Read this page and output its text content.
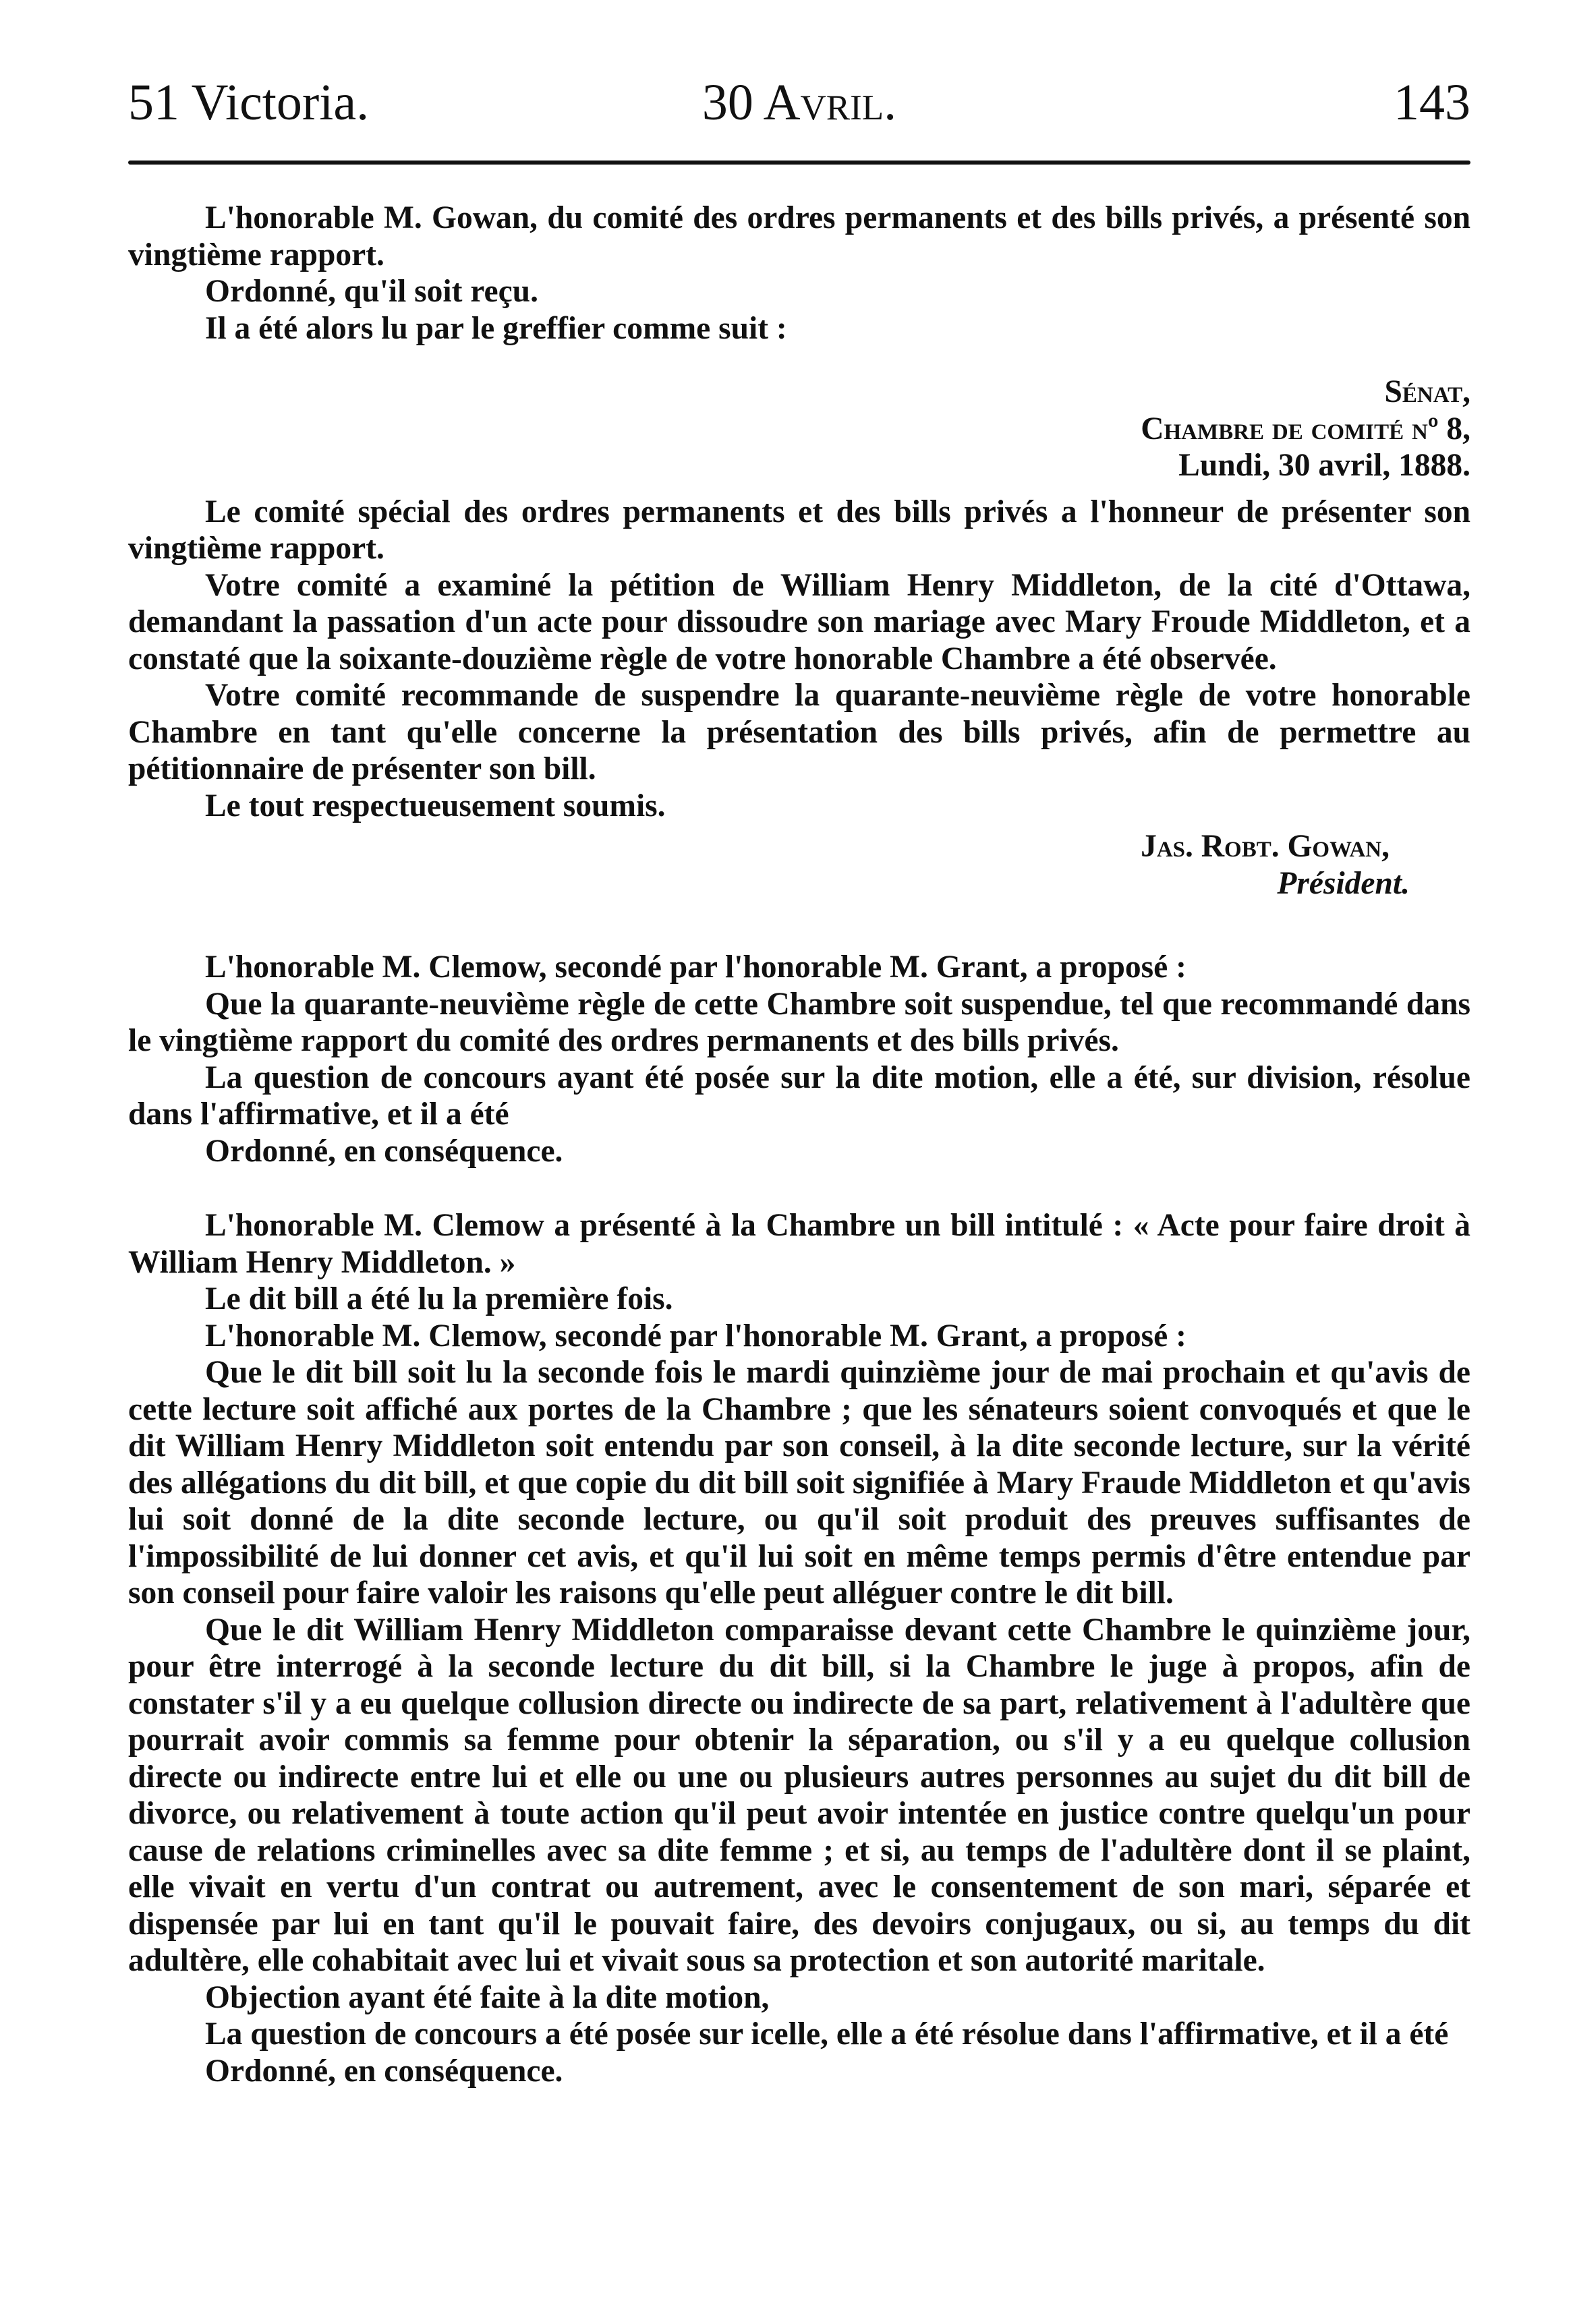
51 Victoria.	30 Avril.	143

L'honorable M. Gowan, du comité des ordres permanents et des bills privés, a présenté son vingtième rapport.

Ordonné, qu'il soit reçu.

Il a été alors lu par le greffier comme suit :

Sénat,

Chambre de comité nº 8,

Lundi, 30 avril, 1888.

Le comité spécial des ordres permanents et des bills privés a l'honneur de présenter son vingtième rapport.

Votre comité a examiné la pétition de William Henry Middleton, de la cité d'Ottawa, demandant la passation d'un acte pour dissoudre son mariage avec Mary Froude Middleton, et a constaté que la soixante-douzième règle de votre honorable Chambre a été observée.

Votre comité recommande de suspendre la quarante-neuvième règle de votre honorable Chambre en tant qu'elle concerne la présentation des bills privés, afin de permettre au pétitionnaire de présenter son bill.

Le tout respectueusement soumis.

Jas. Robt. Gowan,

Président.

L'honorable M. Clemow, secondé par l'honorable M. Grant, a proposé :

Que la quarante-neuvième règle de cette Chambre soit suspendue, tel que recommandé dans le vingtième rapport du comité des ordres permanents et des bills privés.

La question de concours ayant été posée sur la dite motion, elle a été, sur division, résolue dans l'affirmative, et il a été

Ordonné, en conséquence.

L'honorable M. Clemow a présenté à la Chambre un bill intitulé : « Acte pour faire droit à William Henry Middleton. »

Le dit bill a été lu la première fois.

L'honorable M. Clemow, secondé par l'honorable M. Grant, a proposé :

Que le dit bill soit lu la seconde fois le mardi quinzième jour de mai prochain et qu'avis de cette lecture soit affiché aux portes de la Chambre ; que les sénateurs soient convoqués et que le dit William Henry Middleton soit entendu par son conseil, à la dite seconde lecture, sur la vérité des allégations du dit bill, et que copie du dit bill soit signifiée à Mary Fraude Middleton et qu'avis lui soit donné de la dite seconde lecture, ou qu'il soit produit des preuves suffisantes de l'impossibilité de lui donner cet avis, et qu'il lui soit en même temps permis d'être entendue par son conseil pour faire valoir les raisons qu'elle peut alléguer contre le dit bill.

Que le dit William Henry Middleton comparaisse devant cette Chambre le quinzième jour, pour être interrogé à la seconde lecture du dit bill, si la Chambre le juge à propos, afin de constater s'il y a eu quelque collusion directe ou indirecte de sa part, relativement à l'adultère que pourrait avoir commis sa femme pour obtenir la séparation, ou s'il y a eu quelque collusion directe ou indirecte entre lui et elle ou une ou plusieurs autres personnes au sujet du dit bill de divorce, ou relativement à toute action qu'il peut avoir intentée en justice contre quelqu'un pour cause de relations criminelles avec sa dite femme ; et si, au temps de l'adultère dont il se plaint, elle vivait en vertu d'un contrat ou autrement, avec le consentement de son mari, séparée et dispensée par lui en tant qu'il le pouvait faire, des devoirs conjugaux, ou si, au temps du dit adultère, elle cohabitait avec lui et vivait sous sa protection et son autorité maritale.

Objection ayant été faite à la dite motion,

La question de concours a été posée sur icelle, elle a été résolue dans l'affirmative, et il a été

Ordonné, en conséquence.
